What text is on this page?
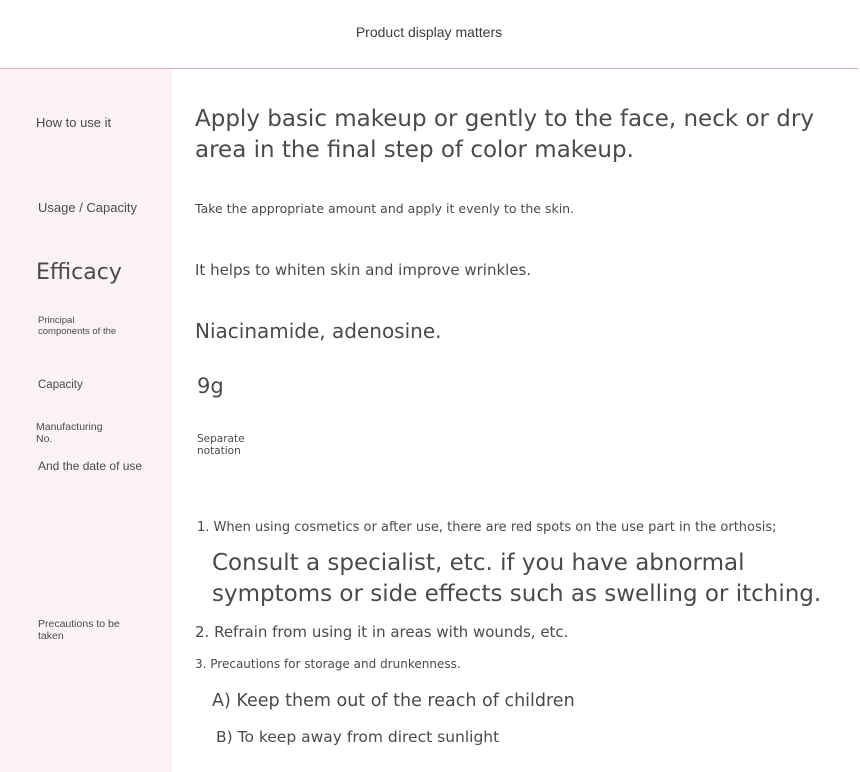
Product display matters
How to use it
Usage / Capacity
Efficacy
Principal
components of the
Capacity
Manufacturing
No.
And the date of use
Precautions to be
taken
Apply basic makeup or gently to the face, neck or dry
area in the final step of color makeup.
Take the appropriate amount and apply it evenly to the skin.
It helps to whiten skin and improve wrinkles.
Niacinamide, adenosine.
9g
Separate
notation
1. When using cosmetics or after use, there are red spots on the use part in the orthosis;
Consult a specialist, etc. if you have abnormal
symptoms or side effects such as swelling or itching.
2. Refrain from using it in areas with wounds, etc.
3. Precautions for storage and drunkenness.
A) Keep them out of the reach of children
B) To keep away from direct sunlight
